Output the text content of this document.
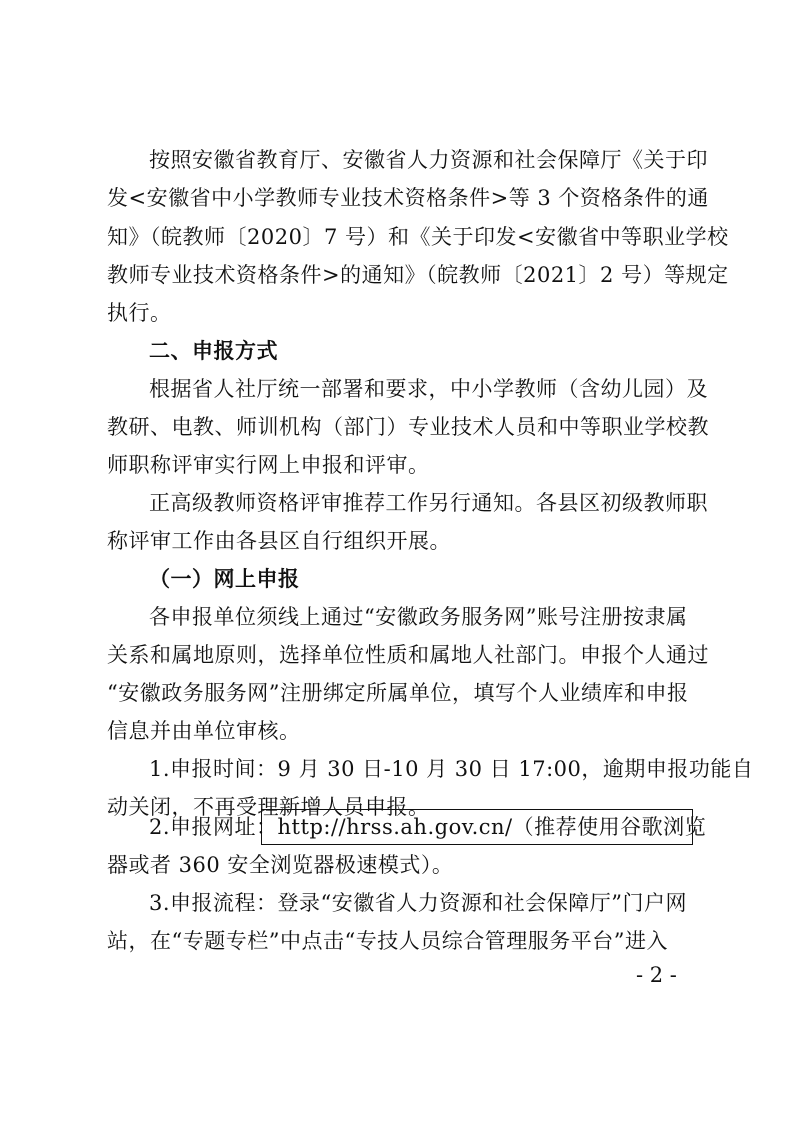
按照安徽省教育厅、安徽省人力资源和社会保障厅《关于印
发<安徽省中小学教师专业技术资格条件>等 3 个资格条件的通
知》（皖教师〔2020〕7 号）和《关于印发<安徽省中等职业学校
教师专业技术资格条件>的通知》（皖教师〔2021〕2 号）等规定
执行。
二、申报方式
根据省人社厅统一部署和要求，中小学教师（含幼儿园）及
教研、电教、师训机构（部门）专业技术人员和中等职业学校教
师职称评审实行网上申报和评审。
正高级教师资格评审推荐工作另行通知。各县区初级教师职
称评审工作由各县区自行组织开展。
（一）网上申报
各申报单位须线上通过“安徽政务服务网”账号注册按隶属
关系和属地原则，选择单位性质和属地人社部门。申报个人通过
“安徽政务服务网”注册绑定所属单位，填写个人业绩库和申报
信息并由单位审核。
1.申报时间：9 月 30 日-10 月 30 日 17:00，逾期申报功能自
动关闭，不再受理新增人员申报。
2.申报网址：http://hrss.ah.gov.cn/（推荐使用谷歌浏览
器或者 360 安全浏览器极速模式）。
3.申报流程：登录“安徽省人力资源和社会保障厅”门户网
站，在“专题专栏”中点击“专技人员综合管理服务平台”进入
- 2 -
